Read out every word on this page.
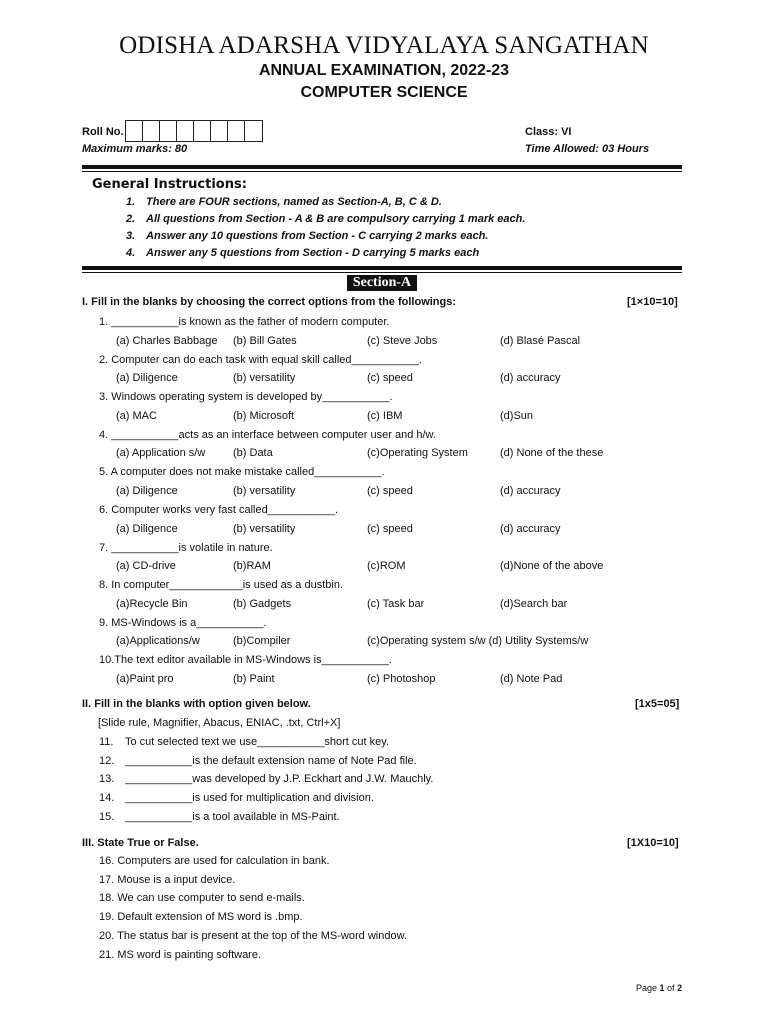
ODISHA ADARSHA VIDYALAYA SANGATHAN
ANNUAL EXAMINATION, 2022-23
COMPUTER SCIENCE
Roll No.
Maximum marks: 80
Class: VI
Time Allowed: 03 Hours
General Instructions:
1. There are FOUR sections, named as Section-A, B, C & D.
2. All questions from Section - A & B are compulsory carrying 1 mark each.
3. Answer any 10 questions from Section - C carrying 2 marks each.
4. Answer any 5 questions from Section - D carrying 5 marks each
Section-A
I. Fill in the blanks by choosing the correct options from the followings:	[1×10=10]
1. ___________is known as the father of modern computer.
(a) Charles Babbage (b) Bill Gates	(c) Steve Jobs	(d) Blasé Pascal
2. Computer can do each task with equal skill called___________.
(a) Diligence	(b) versatility	(c) speed	(d) accuracy
3. Windows operating system is developed by___________.
(a) MAC	(b) Microsoft	(c) IBM	(d)Sun
4. ___________acts as an interface between computer user and h/w.
(a) Application s/w	(b) Data	(c)Operating System	(d) None of the these
5. A computer does not make mistake called___________.
(a) Diligence	(b) versatility	(c) speed	(d) accuracy
6. Computer works very fast called___________.
(a) Diligence	(b) versatility	(c) speed	(d) accuracy
7. ___________is volatile in nature.
(a) CD-drive	(b)RAM	(c)ROM	(d)None of the above
8. In computer____________is used as a dustbin.
(a)Recycle Bin	(b) Gadgets	(c) Task bar	(d)Search bar
9. MS-Windows is a___________.
(a)Applications/w	(b)Compiler	(c)Operating system s/w (d) Utility Systems/w
10.The text editor available in MS-Windows is___________.
(a)Paint pro	(b) Paint	(c) Photoshop	(d) Note Pad
II. Fill in the blanks with option given below.	[1x5=05]
[Slide rule, Magnifier, Abacus, ENIAC, .txt, Ctrl+X]
11. To cut selected text we use___________short cut key.
12. ___________is the default extension name of Note Pad file.
13. ___________was developed by J.P. Eckhart and J.W. Mauchly.
14. ___________is used for multiplication and division.
15. ___________is a tool available in MS-Paint.
III. State True or False.	[1X10=10]
16. Computers are used for calculation in bank.
17. Mouse is a input device.
18. We can use computer to send e-mails.
19. Default extension of MS word is .bmp.
20. The status bar is present at the top of the MS-word window.
21. MS word is painting software.
Page 1 of 2
